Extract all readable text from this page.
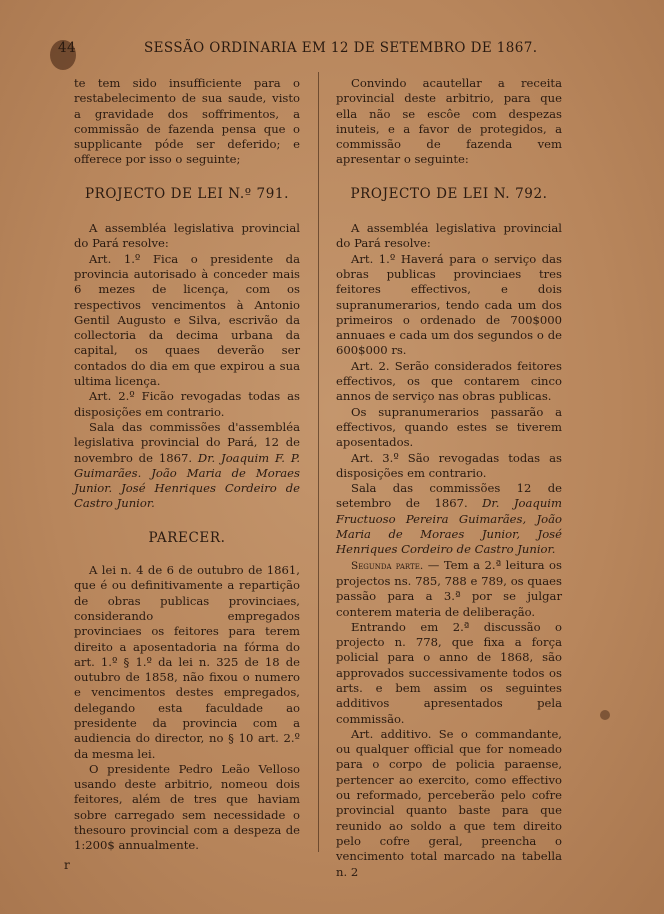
44	SESSÃO ORDINARIA EM 12 DE SETEMBRO DE 1867.

te tem sido insufficiente para o restabelecimento de sua saude, visto a gravidade dos soffrimentos, a commissão de fazenda pensa que o supplicante póde ser deferido; e offerece por isso o seguinte;

PROJECTO DE LEI N.º 791.

A assembléa legislativa provincial do Pará resolve:

Art. 1.º Fica o presidente da provincia autorisado à conceder mais 6 mezes de licença, com os respectivos vencimentos à Antonio Gentil Augusto e Silva, escrivão da collectoria da decima urbana da capital, os quaes deverão ser contados do dia em que expirou a sua ultima licença.

Art. 2.º Ficão revogadas todas as disposições em contrario.

Sala das commissões d'assembléa legislativa provincial do Pará, 12 de novembro de 1867. Dr. Joaquim F. P. Guimarães. João Maria de Moraes Junior. José Henriques Cordeiro de Castro Junior.

PARECER.

A lei n. 4 de 6 de outubro de 1861, que é ou definitivamente a repartição de obras publicas provinciaes, considerando empregados provinciaes os feitores para terem direito a aposentadoria na fórma do art. 1.º § 1.º da lei n. 325 de 18 de outubro de 1858, não fixou o numero e vencimentos destes empregados, delegando esta faculdade ao presidente da provincia com a audiencia do director, no § 10 art. 2.º da mesma lei.

O presidente Pedro Leão Velloso usando deste arbitrio, nomeou dois feitores, além de tres que haviam sobre carregado sem necessidade o thesouro provincial com a despeza de 1:200$ annualmente.

Convindo acautellar a receita provincial deste arbitrio, para que ella não se escôe com despezas inuteis, e a favor de protegidos, a commissão de fazenda vem apresentar o seguinte:

PROJECTO DE LEI N. 792.

A assembléa legislativa provincial do Pará resolve:

Art. 1.º Haverá para o serviço das obras publicas provinciaes tres feitores effectivos, e dois supranumerarios, tendo cada um dos primeiros o ordenado de 700$000 annuaes e cada um dos segundos o de 600$000 rs.

Art. 2. Serão considerados feitores effectivos, os que contarem cinco annos de serviço nas obras publicas.

Os supranumerarios passarão a effectivos, quando estes se tiverem aposentados.

Art. 3.º São revogadas todas as disposições em contrario.

Sala das commissões 12 de setembro de 1867. Dr. Joaquim Fructuoso Pereira Guimarães, João Maria de Moraes Junior, José Henriques Cordeiro de Castro Junior.

Segunda parte. — Tem a 2.ª leitura os projectos ns. 785, 788 e 789, os quaes passão para a 3.ª por se julgar conterem materia de deliberação.

Entrando em 2.ª discussão o projecto n. 778, que fixa a força policial para o anno de 1868, são approvados successivamente todos os arts. e bem assim os seguintes additivos apresentados pela commissão.

Art. additivo. Se o commandante, ou qualquer official que for nomeado para o corpo de policia paraense, pertencer ao exercito, como effectivo ou reformado, perceberão pelo cofre provincial quanto baste para que reunido ao soldo a que tem direito pelo cofre geral, preencha o vencimento total marcado na tabella n. 2

r
